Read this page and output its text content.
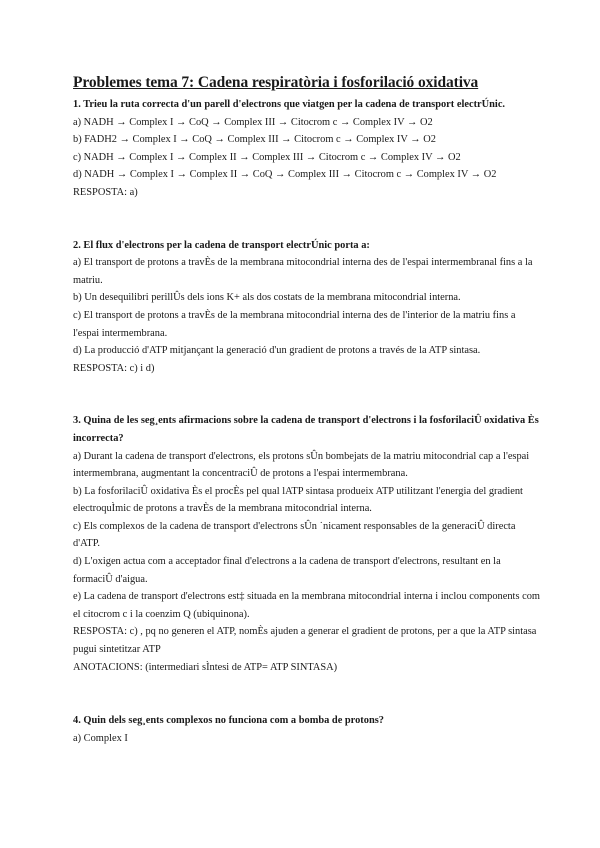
Problemes tema 7: Cadena respiratòria i fosforilació oxidativa

1. Trieu la ruta correcta d'un parell d'electrons que viatgen per la cadena de transport electrÚnic.

a) NADH → Complex I → CoQ → Complex III → Citocrom c → Complex IV → O2

b) FADH2 → Complex I → CoQ → Complex III → Citocrom c → Complex IV → O2

c) NADH → Complex I → Complex II → Complex III → Citocrom c → Complex IV → O2

d) NADH → Complex I → Complex II → CoQ → Complex III → Citocrom c → Complex IV → O2

RESPOSTA: a)

2. El flux d'electrons per la cadena de transport electrÚnic porta a:

a) El transport de protons a travÈs de la membrana mitocondrial interna des de l'espai intermembranal fins a la matriu.

b) Un desequilibri perillÛs dels ions K+ als dos costats de la membrana mitocondrial interna.

c) El transport de protons a travÈs de la membrana mitocondrial interna des de l'interior de la matriu fins a l'espai intermembrana.

d) La producció d'ATP mitjançant la generació d'un gradient de protons a través de la ATP sintasa.

RESPOSTA: c) i d)

3. Quina de les seg¸ents afirmacions sobre la cadena de transport d'electrons i la fosforilaciÛ oxidativa Ès incorrecta?

a) Durant la cadena de transport d'electrons, els protons sÛn bombejats de la matriu mitocondrial cap a l'espai intermembrana, augmentant la concentraciÛ de protons a l'espai intermembrana.

b) La fosforilaciÛ oxidativa Ès el procÈs pel qual lATP sintasa produeix ATP utilitzant l'energia del gradient electroquÌmic de protons a travÈs de la membrana mitocondrial interna.

c) Els complexos de la cadena de transport d'electrons sÛn ˙nicament responsables de la generaciÛ directa d'ATP.

d) L'oxigen actua com a acceptador final d'electrons a la cadena de transport d'electrons, resultant en la formaciÛ d'aigua.

e) La cadena de transport d'electrons est‡ situada en la membrana mitocondrial interna i inclou components com el citocrom c i la coenzim Q (ubiquinona).

RESPOSTA: c) , pq no generen el ATP, nomÈs ajuden a generar el gradient de protons, per a que la ATP sintasa pugui sintetitzar ATP

ANOTACIONS: (intermediari sÌntesi de ATP= ATP SINTASA)

4. Quin dels seg¸ents complexos no funciona com a bomba de protons?

a) Complex I
